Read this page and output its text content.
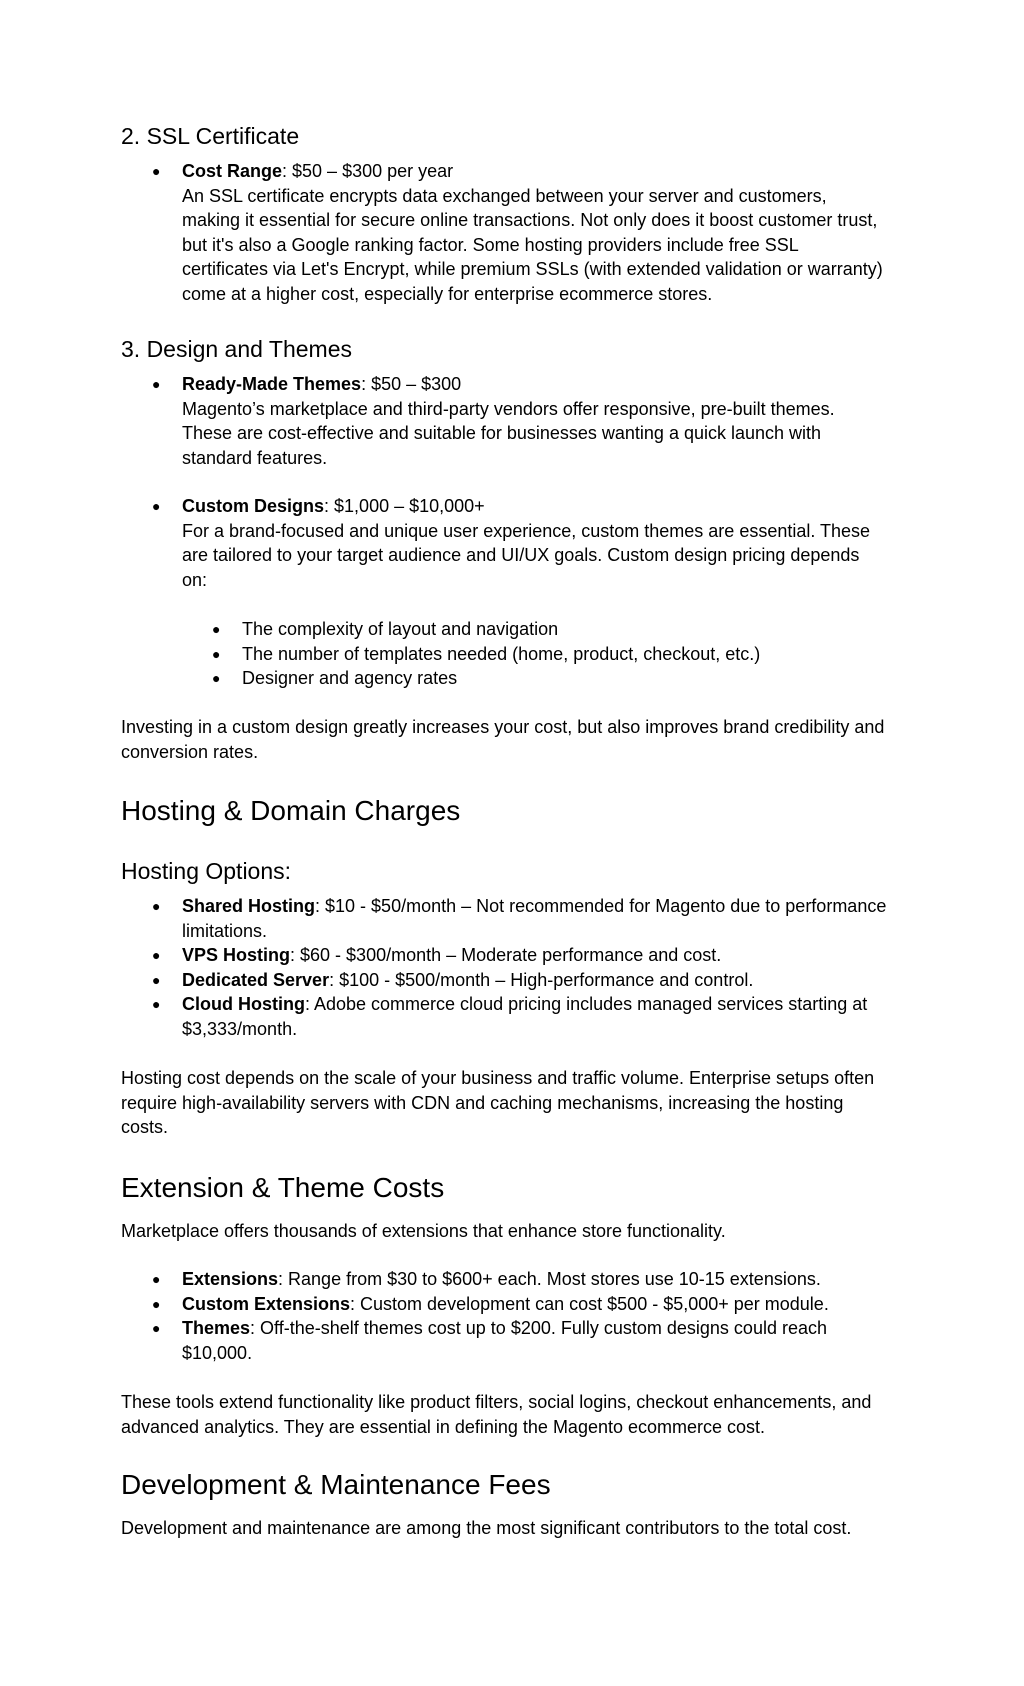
2. SSL Certificate
● Cost Range: $50 – $300 per year
An SSL certificate encrypts data exchanged between your server and customers,
making it essential for secure online transactions. Not only does it boost customer trust,
but it's also a Google ranking factor. Some hosting providers include free SSL
certificates via Let's Encrypt, while premium SSLs (with extended validation or warranty)
come at a higher cost, especially for enterprise ecommerce stores.
3. Design and Themes
● Ready-Made Themes: $50 – $300
Magento’s marketplace and third-party vendors offer responsive, pre-built themes.
These are cost-effective and suitable for businesses wanting a quick launch with
standard features.
● Custom Designs: $1,000 – $10,000+
For a brand-focused and unique user experience, custom themes are essential. These
are tailored to your target audience and UI/UX goals. Custom design pricing depends
on:
● The complexity of layout and navigation
● The number of templates needed (home, product, checkout, etc.)
● Designer and agency rates

Investing in a custom design greatly increases your cost, but also improves brand credibility and
conversion rates.

Hosting & Domain Charges
Hosting Options:
● Shared Hosting: $10 - $50/month – Not recommended for Magento due to performance
limitations.
● VPS Hosting: $60 - $300/month – Moderate performance and cost.
● Dedicated Server: $100 - $500/month – High-performance and control.
● Cloud Hosting: Adobe commerce cloud pricing includes managed services starting at
$3,333/month.

Hosting cost depends on the scale of your business and traffic volume. Enterprise setups often
require high-availability servers with CDN and caching mechanisms, increasing the hosting
costs.

Extension & Theme Costs

Marketplace offers thousands of extensions that enhance store functionality.

● Extensions: Range from $30 to $600+ each. Most stores use 10-15 extensions.
● Custom Extensions: Custom development can cost $500 - $5,000+ per module.
● Themes: Off-the-shelf themes cost up to $200. Fully custom designs could reach
$10,000.

These tools extend functionality like product filters, social logins, checkout enhancements, and
advanced analytics. They are essential in defining the Magento ecommerce cost.

Development & Maintenance Fees

Development and maintenance are among the most significant contributors to the total cost.
